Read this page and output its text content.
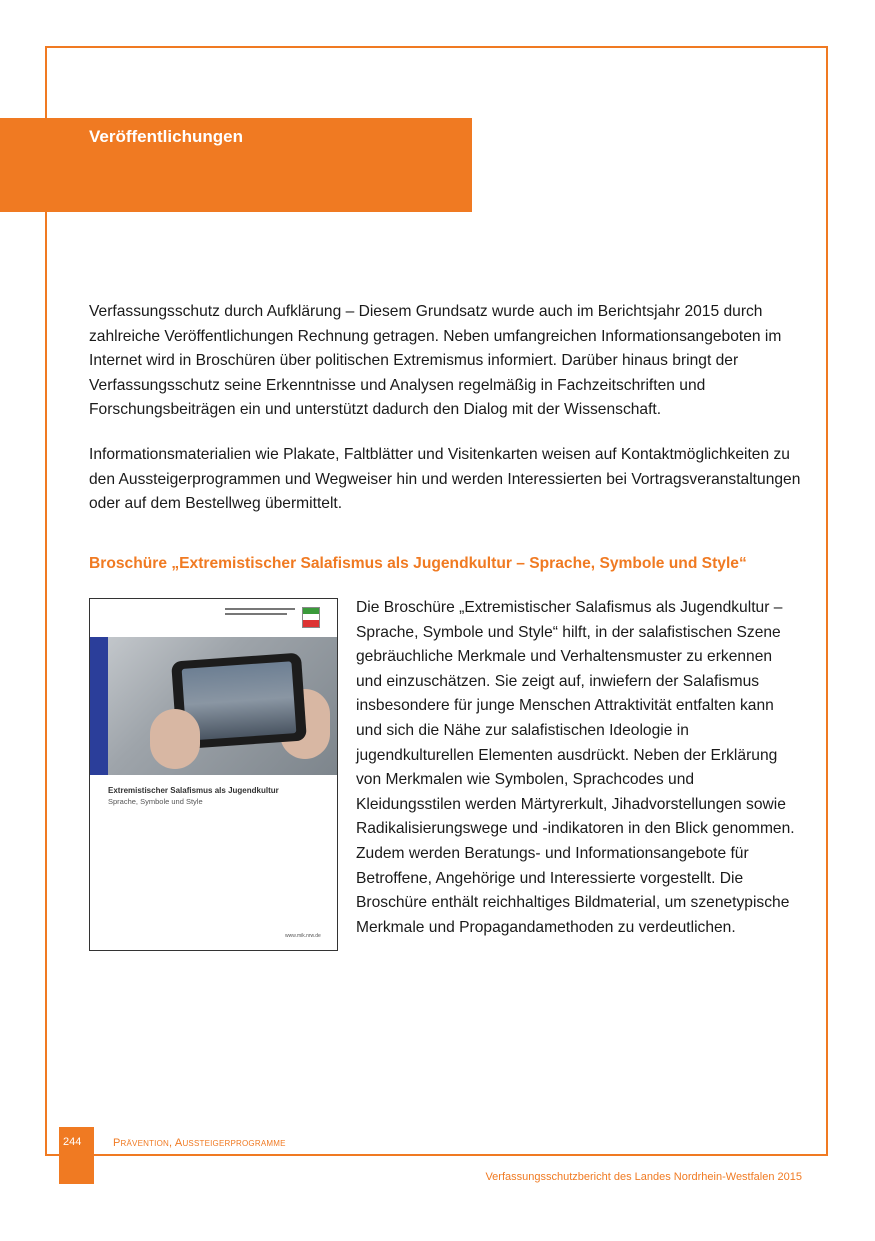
Veröffentlichungen

Verfassungsschutz durch Aufklärung – Diesem Grundsatz wurde auch im Berichtsjahr 2015 durch zahlreiche Veröffentlichungen Rechnung getragen. Neben umfangreichen Informationsangeboten im Internet wird in Broschüren über politischen Extremismus informiert. Darüber hinaus bringt der Verfassungsschutz seine Erkenntnisse und Analysen regelmäßig in Fachzeitschriften und Forschungsbeiträgen ein und unterstützt dadurch den Dialog mit der Wissenschaft.

Informationsmaterialien wie Plakate, Faltblätter und Visitenkarten weisen auf Kontaktmöglichkeiten zu den Aussteigerprogrammen und Wegweiser hin und werden Interessierten bei Vortragsveranstaltungen oder auf dem Bestellweg übermittelt.

Broschüre „Extremistischer Salafismus als Jugendkultur – Sprache, Symbole und Style“
Extremistischer Salafismus als Jugendkultur
Sprache, Symbole und Style
www.mik.nrw.de

Die Broschüre „Extremistischer Salafismus als Jugendkultur – Sprache, Symbole und Style“ hilft, in der salafistischen Szene gebräuchliche Merkmale und Verhaltensmuster zu erkennen und einzuschätzen. Sie zeigt auf, inwiefern der Salafismus insbesondere für junge Menschen Attraktivität entfalten kann und sich die Nähe zur salafistischen Ideologie in jugendkulturellen Elementen ausdrückt. Neben der Erklärung von Merkmalen wie Symbolen, Sprachcodes und Kleidungsstilen werden Märtyrerkult, Jihadvorstellungen sowie Radikalisierungswege und -indikatoren in den Blick genommen. Zudem werden Beratungs- und Informationsangebote für Betroffene, Angehörige und Interessierte vorgestellt. Die Broschüre enthält reichhaltiges Bildmaterial, um szenetypische Merkmale und Propagandamethoden zu verdeutlichen.

244	Prävention, Aussteigerprogramme
Verfassungsschutzbericht des Landes Nordrhein-Westfalen 2015
